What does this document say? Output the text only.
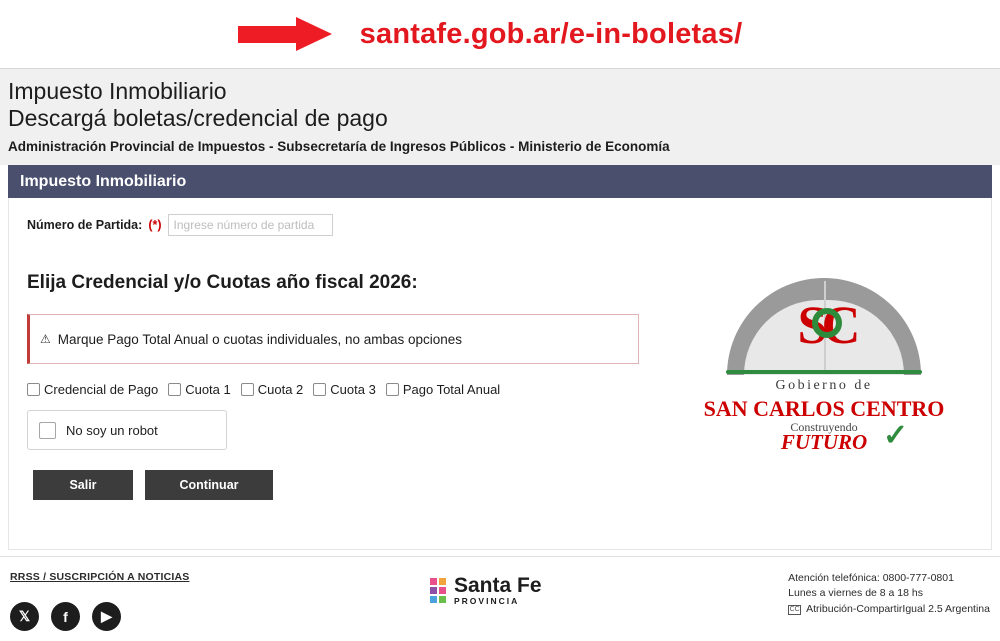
santafe.gob.ar/e-in-boletas/
Impuesto Inmobiliario
Descargá boletas/credencial de pago
Administración Provincial de Impuestos - Subsecretaría de Ingresos Públicos - Ministerio de Economía
Impuesto Inmobiliario
Número de Partida: (*)
Ingrese número de partida
Elija Credencial y/o Cuotas año fiscal 2026:
⚠ Marque Pago Total Anual o cuotas individuales, no ambas opciones
Credencial de Pago Cuota 1 Cuota 2 Cuota 3 Pago Total Anual
No soy un robot
Salir	Continuar
SC
Gobierno de
SAN CARLOS CENTRO
Construyendo
FUTURO ✓
RRSS / SUSCRIPCIÓN A NOTICIAS
𝕏	f	▶
Santa Fe
PROVINCIA
Atención telefónica: 0800-777-0801
Lunes a viernes de 8 a 18 hs
CC Atribución-CompartirIgual 2.5 Argentina
